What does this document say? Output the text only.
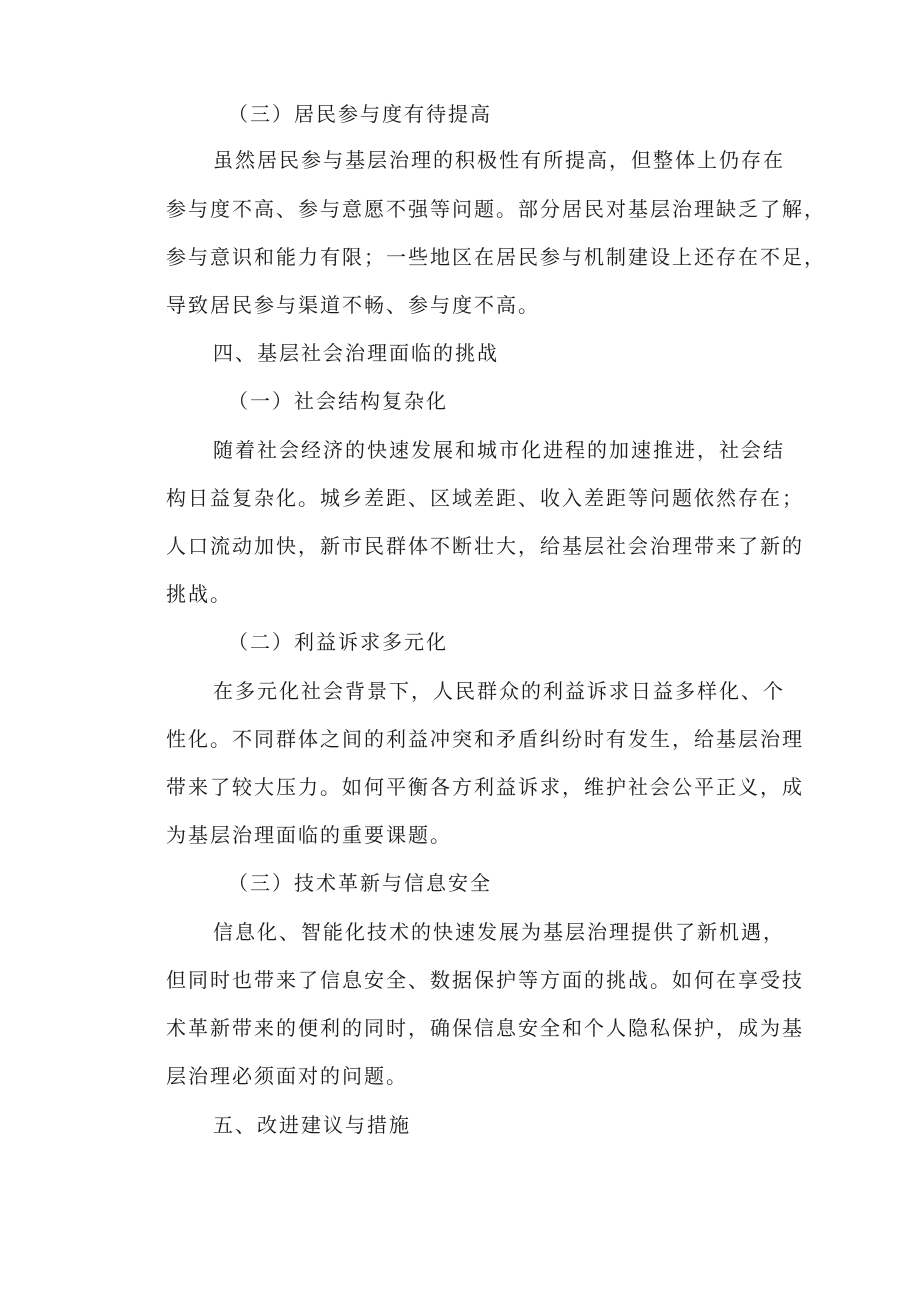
（三）居民参与度有待提高
虽然居民参与基层治理的积极性有所提高，但整体上仍存在
参与度不高、参与意愿不强等问题。部分居民对基层治理缺乏了解，
参与意识和能力有限；一些地区在居民参与机制建设上还存在不足，
导致居民参与渠道不畅、参与度不高。
四、基层社会治理面临的挑战
（一）社会结构复杂化
随着社会经济的快速发展和城市化进程的加速推进，社会结
构日益复杂化。城乡差距、区域差距、收入差距等问题依然存在；
人口流动加快，新市民群体不断壮大，给基层社会治理带来了新的
挑战。
（二）利益诉求多元化
在多元化社会背景下，人民群众的利益诉求日益多样化、个
性化。不同群体之间的利益冲突和矛盾纠纷时有发生，给基层治理
带来了较大压力。如何平衡各方利益诉求，维护社会公平正义，成
为基层治理面临的重要课题。
（三）技术革新与信息安全
信息化、智能化技术的快速发展为基层治理提供了新机遇，
但同时也带来了信息安全、数据保护等方面的挑战。如何在享受技
术革新带来的便利的同时，确保信息安全和个人隐私保护，成为基
层治理必须面对的问题。
五、改进建议与措施
